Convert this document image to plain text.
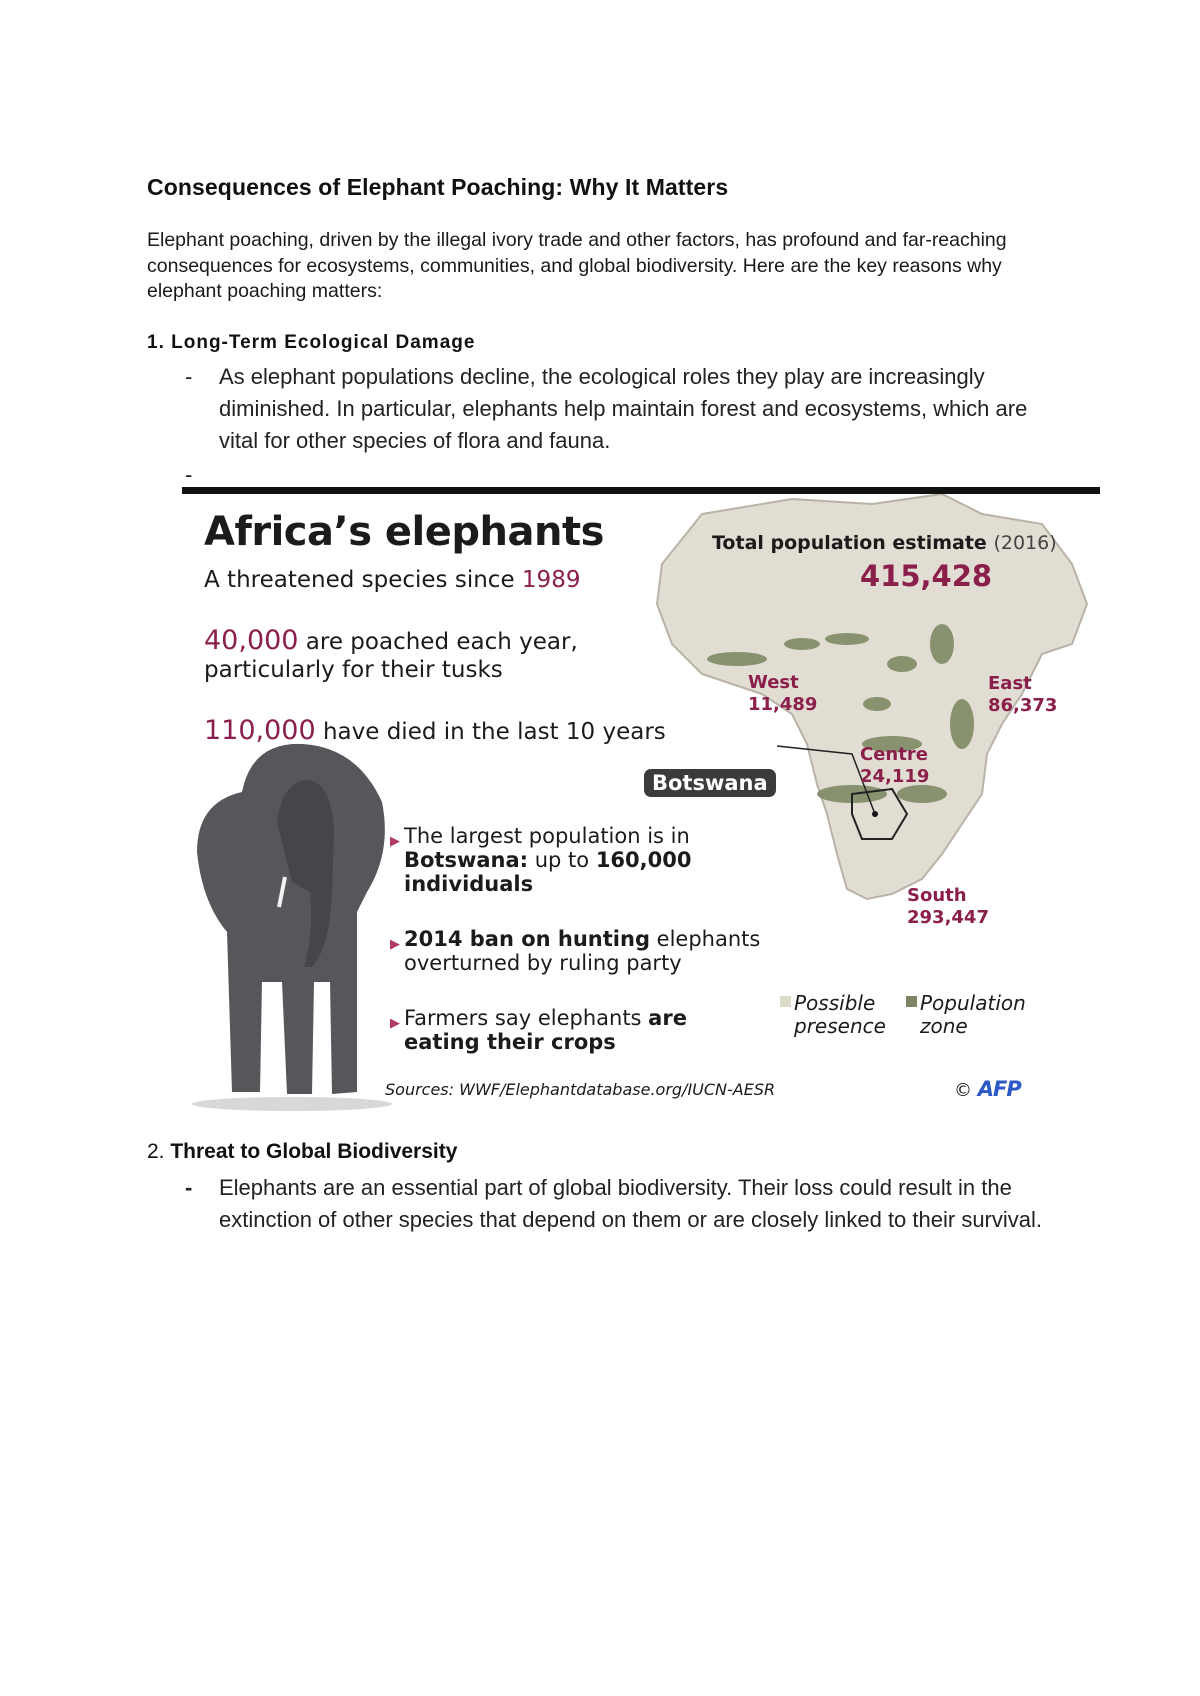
Consequences of Elephant Poaching: Why It Matters
Elephant poaching, driven by the illegal ivory trade and other factors, has profound and far-reaching consequences for ecosystems, communities, and global biodiversity. Here are the key reasons why elephant poaching matters:
1. Long-Term Ecological Damage
-	As elephant populations decline, the ecological roles they play are increasingly diminished. In particular, elephants help maintain forest and ecosystems, which are vital for other species of flora and fauna.
-
Africa’s elephants
A threatened species since 1989
40,000 are poached each year, particularly for their tusks
110,000 have died in the last 10 years
Total population estimate (2016)
415,428
West
11,489
East
86,373
Centre
24,119
South
293,447
Botswana
▶ The largest population is in Botswana: up to 160,000 individuals
▶ 2014 ban on hunting elephants overturned by ruling party
▶ Farmers say elephants are eating their crops
Possible presence
Population zone
Sources: WWF/Elephantdatabase.org/IUCN-AESR	© AFP
2. Threat to Global Biodiversity
-	Elephants are an essential part of global biodiversity. Their loss could result in the extinction of other species that depend on them or are closely linked to their survival.
